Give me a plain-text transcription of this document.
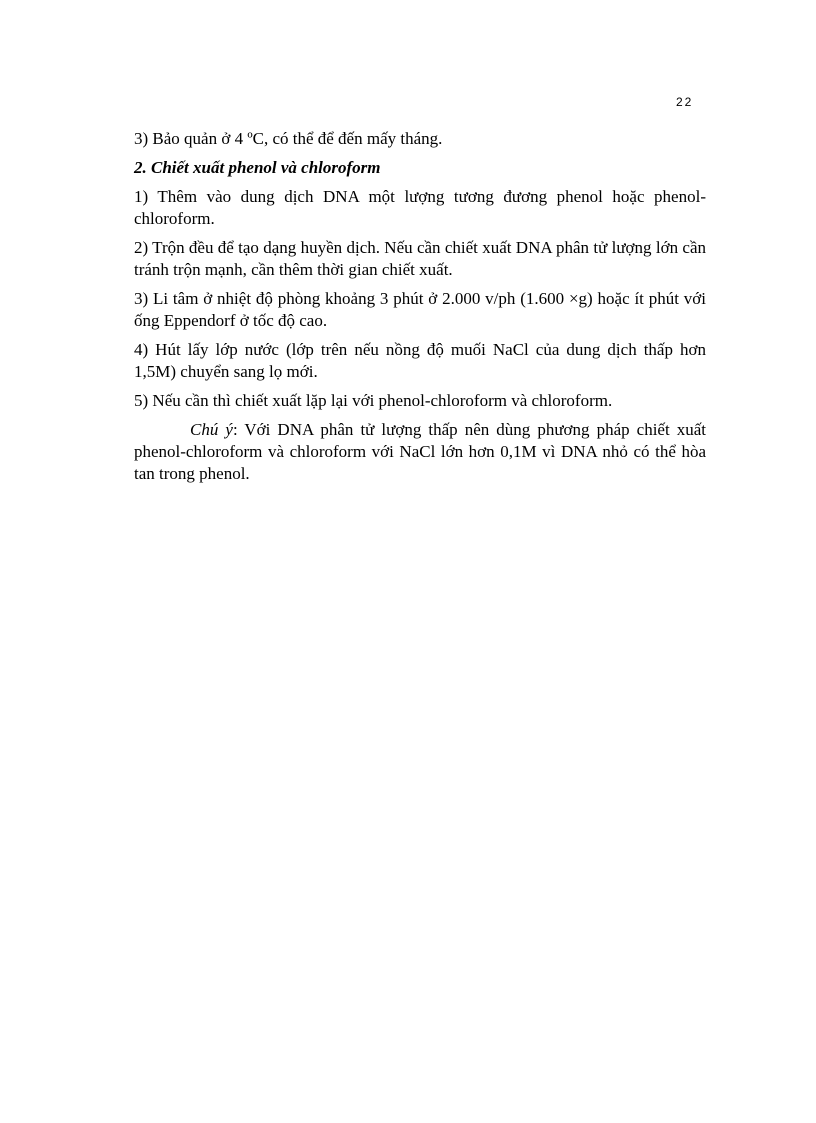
22

3) Bảo quản ở 4 ºC, có thể để đến mấy tháng.

2. Chiết xuất phenol và chloroform

1) Thêm vào dung dịch DNA một lượng tương đương phenol hoặc phenol-chloroform.

2) Trộn đều để tạo dạng huyền dịch. Nếu cần chiết xuất DNA phân tử lượng lớn cần tránh trộn mạnh, cần thêm thời gian chiết xuất.

3) Li tâm ở nhiệt độ phòng khoảng 3 phút ở 2.000 v/ph (1.600 ×g) hoặc ít phút với ống Eppendorf ở tốc độ cao.

4) Hút lấy lớp nước (lớp trên nếu nồng độ muối NaCl của dung dịch thấp hơn 1,5M) chuyển sang lọ mới.

5) Nếu cần thì chiết xuất lặp lại với phenol-chloroform và chloroform.

Chú ý: Với DNA phân tử lượng thấp nên dùng phương pháp chiết xuất phenol-chloroform và chloroform với NaCl lớn hơn 0,1M vì DNA nhỏ có thể hòa tan trong phenol.
